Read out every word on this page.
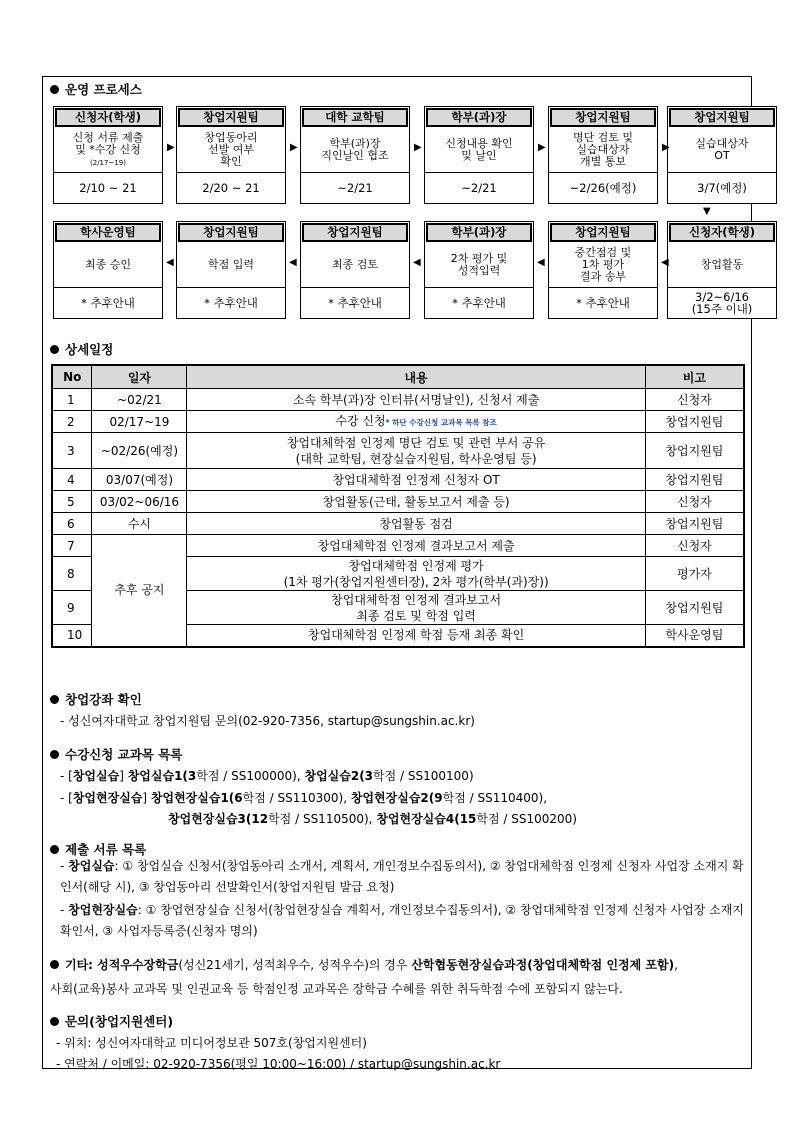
운영 프로세스
신청자(학생)
신청 서류 제출
및 *수강 신청
(2/17~19)
2/10 ~ 21
창업지원팀
창업동아리
선발 여부
확인
2/20 ~ 21
대학 교학팀
학부(과)장
직인날인 협조
~2/21
학부(과)장
신청내용 확인
및 날인
~2/21
창업지원팀
명단 검토 및
실습대상자
개별 통보
~2/26(예정)
창업지원팀
실습대상자
OT
3/7(예정)
학사운영팀
최종 승인
* 추후안내
창업지원팀
학점 입력
* 추후안내
창업지원팀
최종 검토
* 추후안내
학부(과)장
2차 평가 및
성적입력
* 추후안내
창업지원팀
중간점검 및
1차 평가
결과 송부
* 추후안내
신청자(학생)
창업활동
3/2~6/16
(15주 이내)
▶	▶	▶	▶	▶
▼
◀	◀	◀	◀	◀
상세일정
No	일자	내용	비고
1	~02/21	소속 학부(과)장 인터뷰(서명날인), 신청서 제출	신청자
2	02/17~19	수강 신청* 하단 수강신청 교과목 목록 참조	창업지원팀
3	~02/26(예정)	창업대체학점 인정제 명단 검토 및 관련 부서 공유
(대학 교학팀, 현장실습지원팀, 학사운영팀 등)	창업지원팀
4	03/07(예정)	창업대체학점 인정제 신청자 OT	창업지원팀
5	03/02~06/16	창업활동(근태, 활동보고서 제출 등)	신청자
6	수시	창업활동 점검	창업지원팀
7	추후 공지	창업대체학점 인정제 결과보고서 제출	신청자
8		창업대체학점 인정제 평가
(1차 평가(창업지원센터장), 2차 평가(학부(과)장))	평가자
9		창업대체학점 인정제 결과보고서
최종 검토 및 학점 입력	창업지원팀
10		창업대체학점 인정제 학점 등재 최종 확인	학사운영팀
창업강좌 확인
- 성신여자대학교 창업지원팀 문의(02-920-7356, startup@sungshin.ac.kr)
수강신청 교과목 목록
- [창업실습] 창업실습1(3학점 / SS100000), 창업실습2(3학점 / SS100100)
- [창업현장실습] 창업현장실습1(6학점 / SS110300), 창업현장실습2(9학점 / SS110400),
창업현장실습3(12학점 / SS110500), 창업현장실습4(15학점 / SS100200)
제출 서류 목록
- 창업실습: ① 창업실습 신청서(창업동아리 소개서, 계획서, 개인정보수집동의서), ② 창업대체학점 인정제 신청자 사업장 소재지 확인서(해당 시), ③ 창업동아리 선발확인서(창업지원팀 발급 요청)
- 창업현장실습: ① 창업현장실습 신청서(창업현장실습 계획서, 개인정보수집동의서), ② 창업대체학점 인정제 신청자 사업장 소재지 확인서, ③ 사업자등록증(신청자 명의)
기타: 성적우수장학금(성신21세기, 성적최우수, 성적우수)의 경우 산학협동현장실습과정(창업대체학점 인정제 포함),
사회(교육)봉사 교과목 및 인권교육 등 학점인정 교과목은 장학금 수혜를 위한 취득학점 수에 포함되지 않는다.
문의(창업지원센터)
- 위치: 성신여자대학교 미디어정보관 507호(창업지원센터)
- 연락처 / 이메일: 02-920-7356(평일 10:00~16:00) / startup@sungshin.ac.kr
